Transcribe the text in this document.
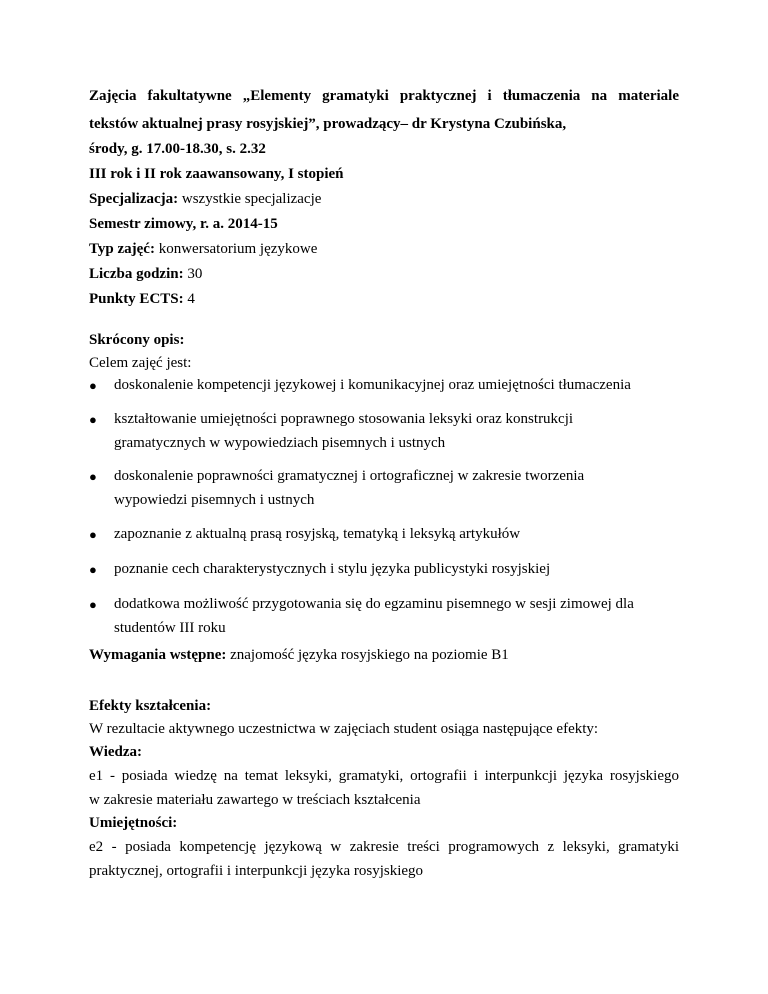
Zajęcia fakultatywne „Elementy gramatyki praktycznej i tłumaczenia na materiale
tekstów aktualnej prasy rosyjskiej”, prowadzący– dr Krystyna Czubińska,
środy, g. 17.00-18.30, s. 2.32
III rok i II rok zaawansowany, I stopień
Specjalizacja: wszystkie specjalizacje
Semestr zimowy, r. a. 2014-15
Typ zajęć: konwersatorium językowe
Liczba godzin: 30
Punkty ECTS: 4
Skrócony opis:
Celem zajęć jest:
● doskonalenie kompetencji językowej i komunikacyjnej oraz umiejętności tłumaczenia
● kształtowanie umiejętności poprawnego stosowania leksyki oraz konstrukcji
gramatycznych w wypowiedziach pisemnych i ustnych
● doskonalenie poprawności gramatycznej i ortograficznej w zakresie tworzenia
wypowiedzi pisemnych i ustnych
● zapoznanie z aktualną prasą rosyjską, tematyką i leksyką artykułów
● poznanie cech charakterystycznych i stylu języka publicystyki rosyjskiej
● dodatkowa możliwość przygotowania się do egzaminu pisemnego w sesji zimowej dla
studentów III roku
Wymagania wstępne: znajomość języka rosyjskiego na poziomie B1
Efekty kształcenia:
W rezultacie aktywnego uczestnictwa w zajęciach student osiąga następujące efekty:
Wiedza:
e1 - posiada wiedzę na temat leksyki, gramatyki, ortografii i interpunkcji języka rosyjskiego
w zakresie materiału zawartego w treściach kształcenia
Umiejętności:
e2 - posiada kompetencję językową w zakresie treści programowych z leksyki, gramatyki
praktycznej, ortografii i interpunkcji języka rosyjskiego
